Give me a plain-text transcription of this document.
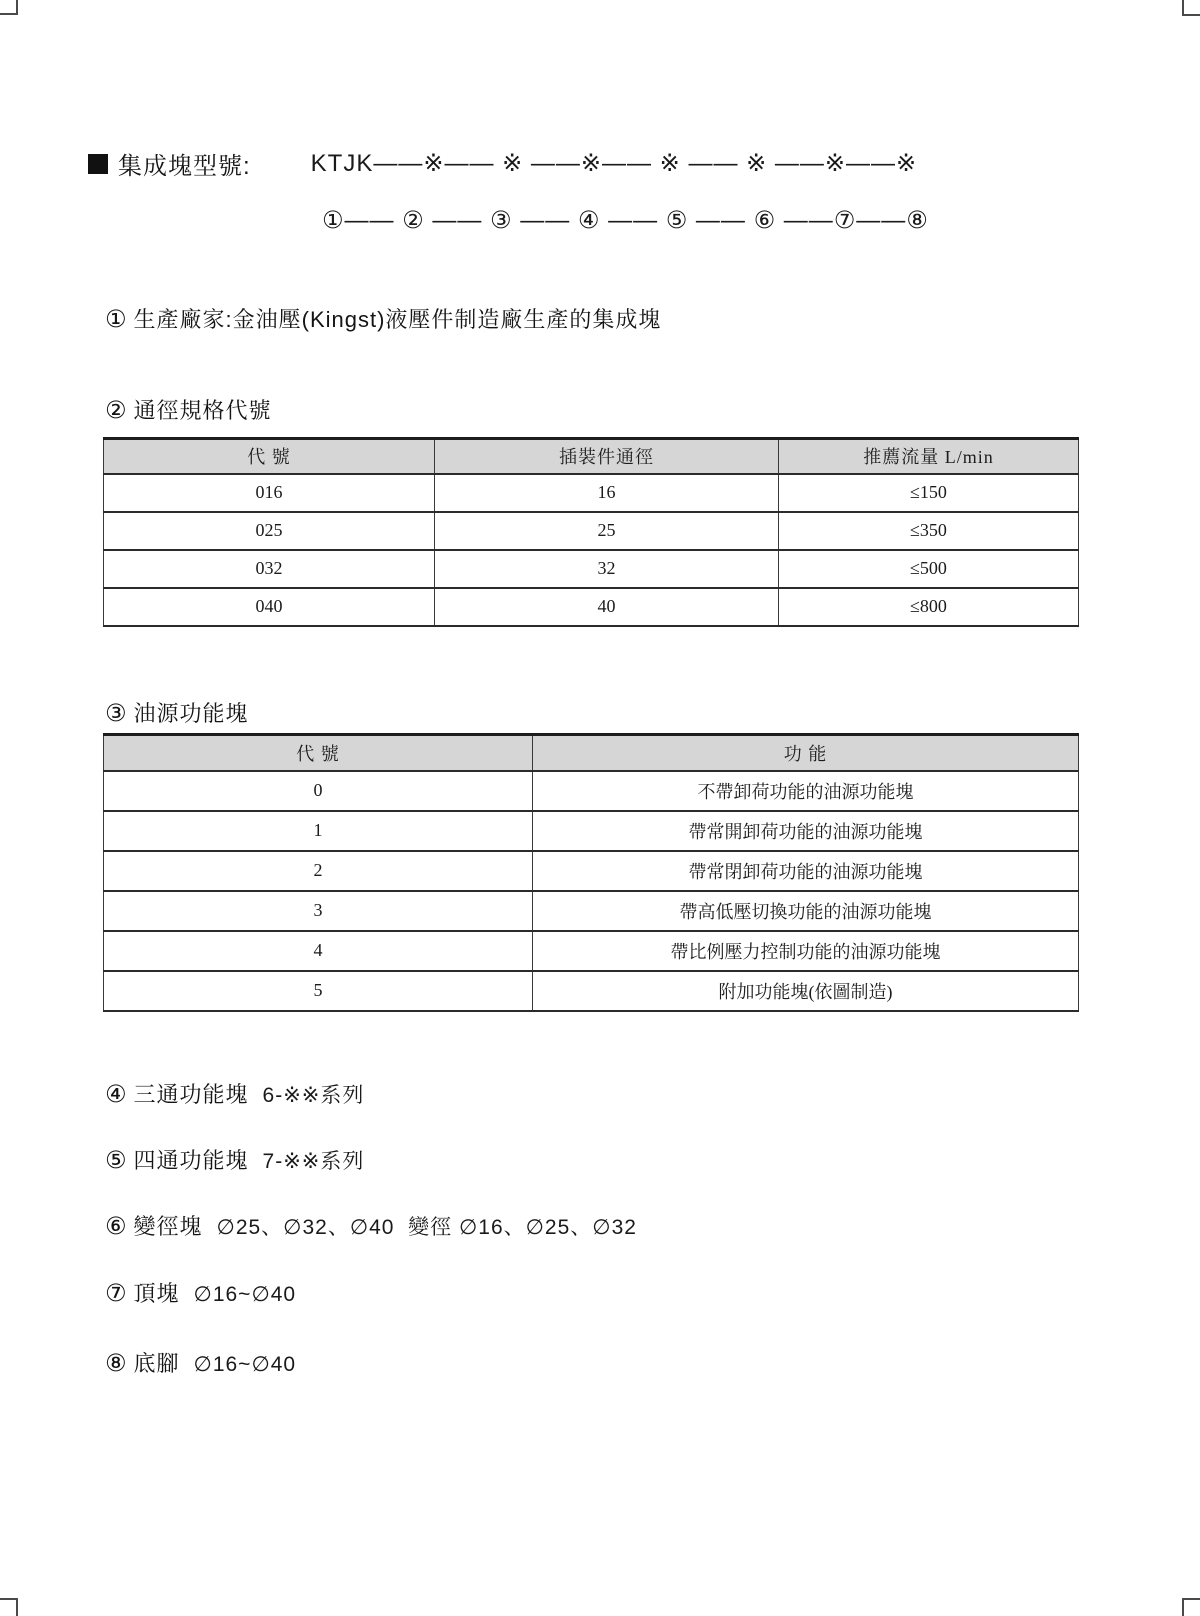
集成塊型號:	KTJK——※—— ※ ——※—— ※ —— ※ ——※——※
①—— ② —— ③ —— ④ —— ⑤ —— ⑥ ——⑦——⑧
① 生產廠家:金油壓(Kingst)液壓件制造廠生產的集成塊
② 通徑規格代號
代 號	插裝件通徑	推薦流量 L/min
016	16	≤150
025	25	≤350
032	32	≤500
040	40	≤800
③ 油源功能塊
代 號	功 能
0	不帶卸荷功能的油源功能塊
1	帶常開卸荷功能的油源功能塊
2	帶常閉卸荷功能的油源功能塊
3	帶高低壓切換功能的油源功能塊
4	帶比例壓力控制功能的油源功能塊
5	附加功能塊(依圖制造)
④ 三通功能塊 6-※※系列
⑤ 四通功能塊 7-※※系列
⑥ 變徑塊 ∅25、∅32、∅40  變徑 ∅16、∅25、∅32
⑦ 頂塊 ∅16~∅40
⑧ 底腳 ∅16~∅40
